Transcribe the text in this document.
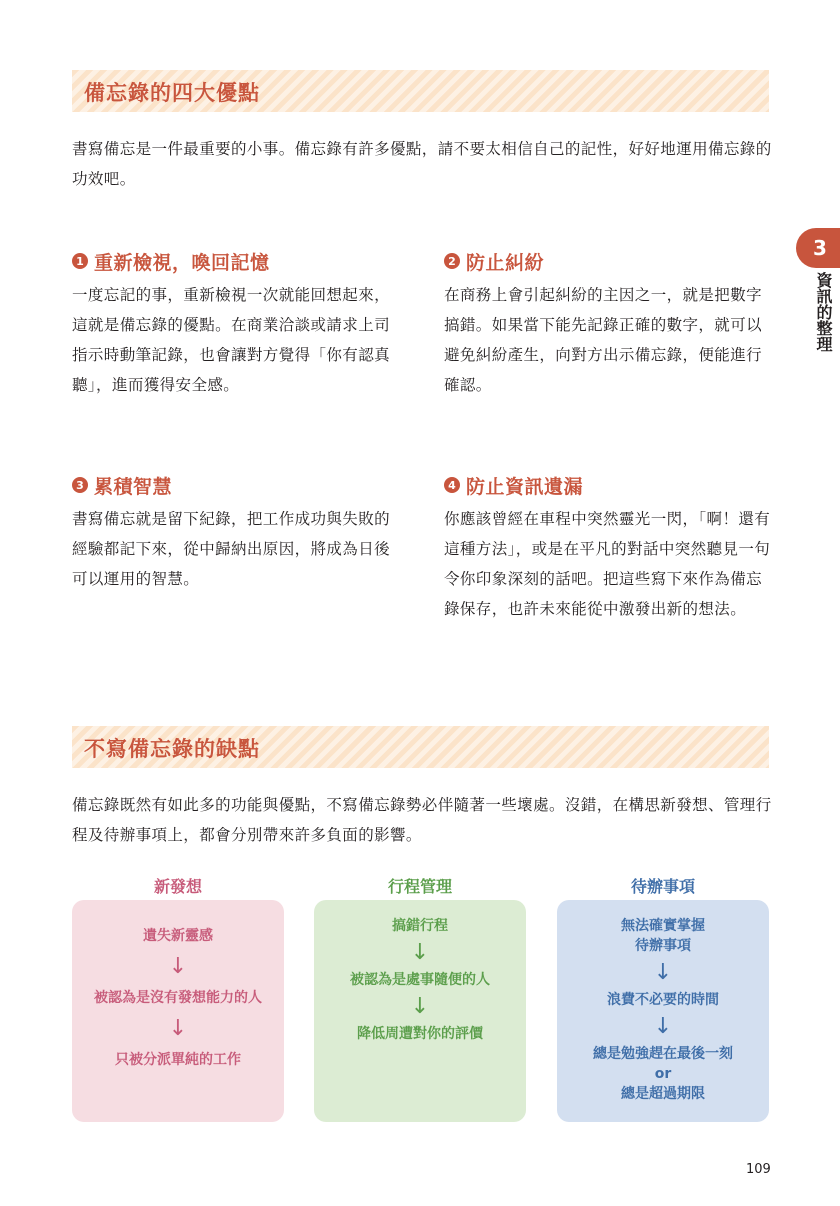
備忘錄的四大優點

書寫備忘是一件最重要的小事。備忘錄有許多優點，請不要太相信自己的記性，好好地運用備忘錄的功效吧。

1 重新檢視，喚回記憶

一度忘記的事，重新檢視一次就能回想起來，這就是備忘錄的優點。在商業洽談或請求上司指示時動筆記錄，也會讓對方覺得「你有認真聽」，進而獲得安全感。

2 防止糾紛

在商務上會引起糾紛的主因之一，就是把數字搞錯。如果當下能先記錄正確的數字，就可以避免糾紛產生，向對方出示備忘錄，便能進行確認。

3 累積智慧

書寫備忘就是留下紀錄，把工作成功與失敗的經驗都記下來，從中歸納出原因，將成為日後可以運用的智慧。

4 防止資訊遺漏

你應該曾經在車程中突然靈光一閃，「啊！還有這種方法」，或是在平凡的對話中突然聽見一句令你印象深刻的話吧。把這些寫下來作為備忘錄保存，也許未來能從中激發出新的想法。

3
資訊的整理
不寫備忘錄的缺點

備忘錄既然有如此多的功能與優點，不寫備忘錄勢必伴隨著一些壞處。沒錯，在構思新發想、管理行程及待辦事項上，都會分別帶來許多負面的影響。

新發想
遺失新靈感
↓
被認為是沒有發想能力的人
↓
只被分派單純的工作
行程管理
搞錯行程
↓
被認為是處事隨便的人
↓
降低周遭對你的評價
待辦事項
無法確實掌握
待辦事項
↓
浪費不必要的時間
↓
總是勉強趕在最後一刻
or
總是超過期限
109
